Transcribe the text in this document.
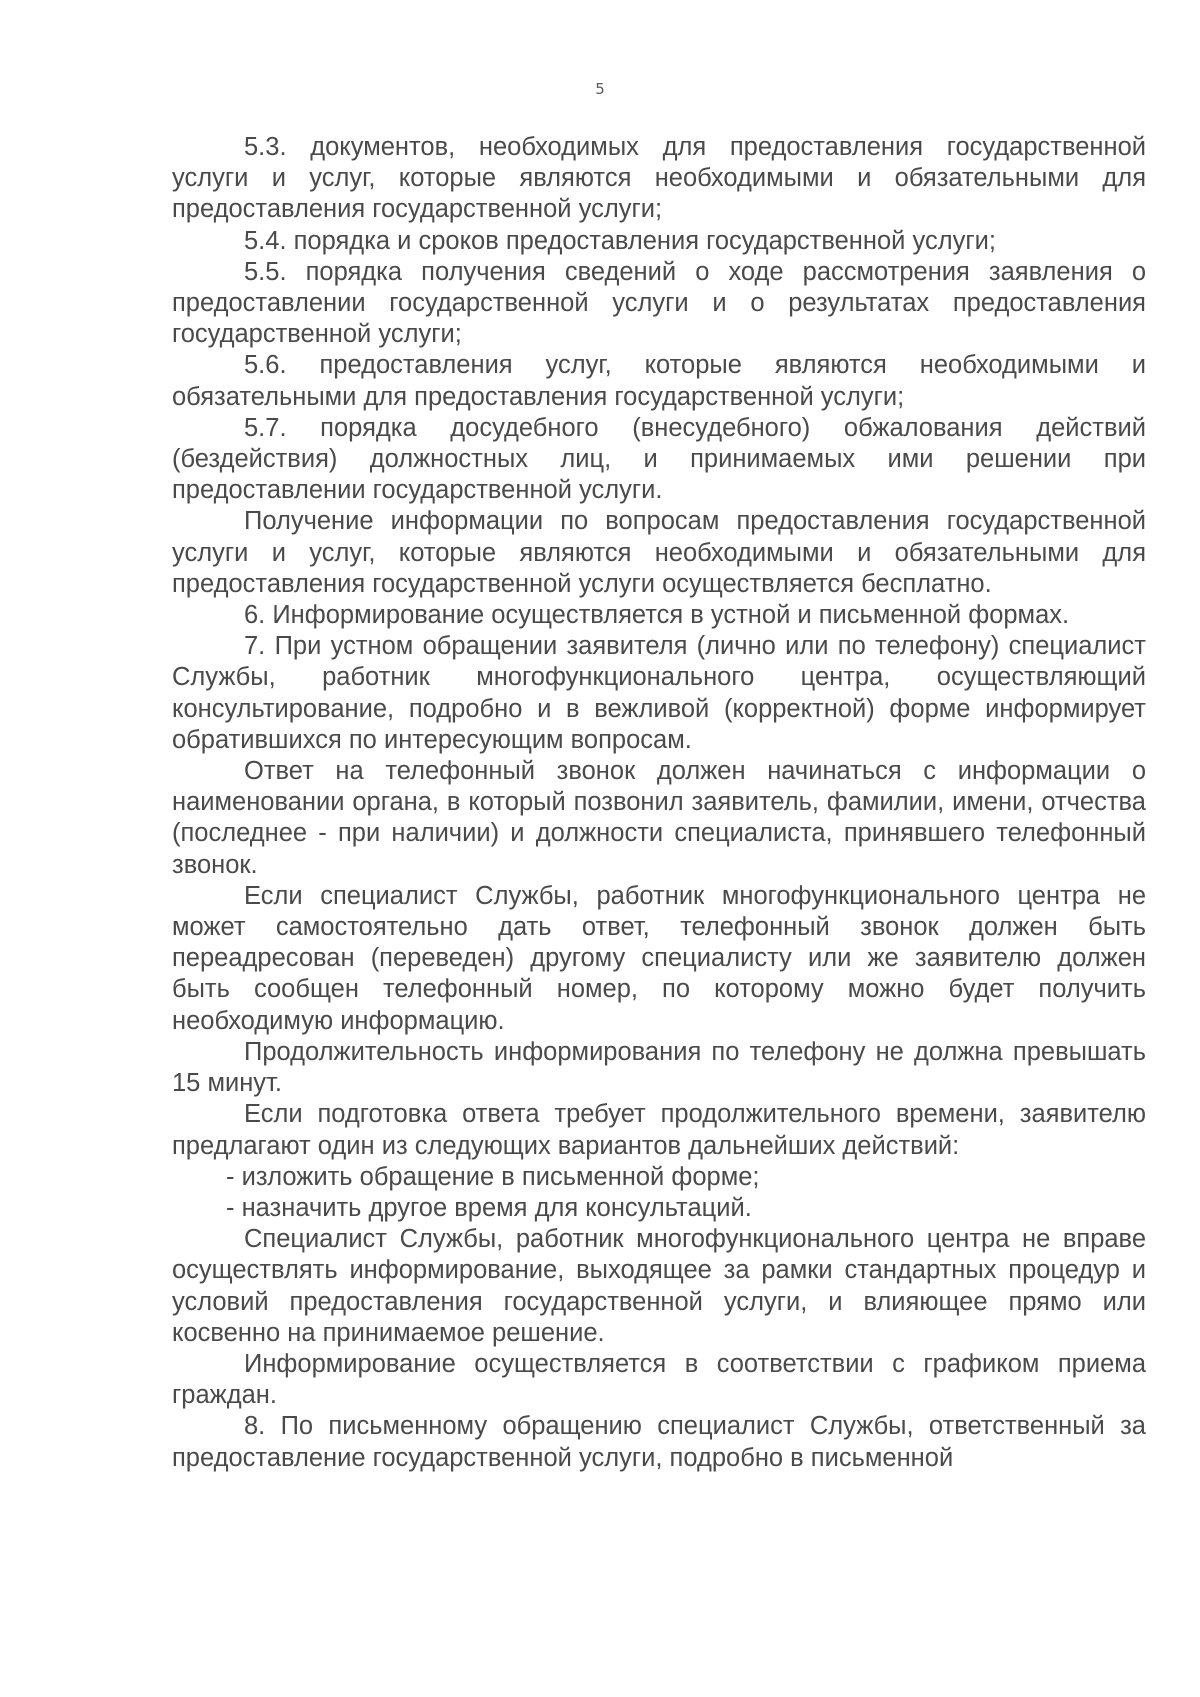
5

5.3. документов, необходимых для предоставления государственной услуги и услуг, которые являются необходимыми и обязательными для предоставления государственной услуги;

5.4. порядка и сроков предоставления государственной услуги;

5.5. порядка получения сведений о ходе рассмотрения заявления о предоставлении государственной услуги и о результатах предоставления государственной услуги;

5.6. предоставления услуг, которые являются необходимыми и обязательными для предоставления государственной услуги;

5.7. порядка досудебного (внесудебного) обжалования действий (бездействия) должностных лиц, и принимаемых ими решении при предоставлении государственной услуги.

Получение информации по вопросам предоставления государственной услуги и услуг, которые являются необходимыми и обязательными для предоставления государственной услуги осуществляется бесплатно.

6. Информирование осуществляется в устной и письменной формах.

7. При устном обращении заявителя (лично или по телефону) специалист Службы, работник многофункционального центра, осуществляющий консультирование, подробно и в вежливой (корректной) форме информирует обратившихся по интересующим вопросам.

Ответ на телефонный звонок должен начинаться с информации о наименовании органа, в который позвонил заявитель, фамилии, имени, отчества (последнее - при наличии) и должности специалиста, принявшего телефонный звонок.

Если специалист Службы, работник многофункционального центра не может самостоятельно дать ответ, телефонный звонок должен быть переадресован (переведен) другому специалисту или же заявителю должен быть сообщен телефонный номер, по которому можно будет получить необходимую информацию.

Продолжительность информирования по телефону не должна превышать 15 минут.

Если подготовка ответа требует продолжительного времени, заявителю предлагают один из следующих вариантов дальнейших действий:

- изложить обращение в письменной форме;

- назначить другое время для консультаций.

Специалист Службы, работник многофункционального центра не вправе осуществлять информирование, выходящее за рамки стандартных процедур и условий предоставления государственной услуги, и влияющее прямо или косвенно на принимаемое решение.

Информирование осуществляется в соответствии с графиком приема граждан.

8. По письменному обращению специалист Службы, ответственный за предоставление государственной услуги, подробно в письменной
